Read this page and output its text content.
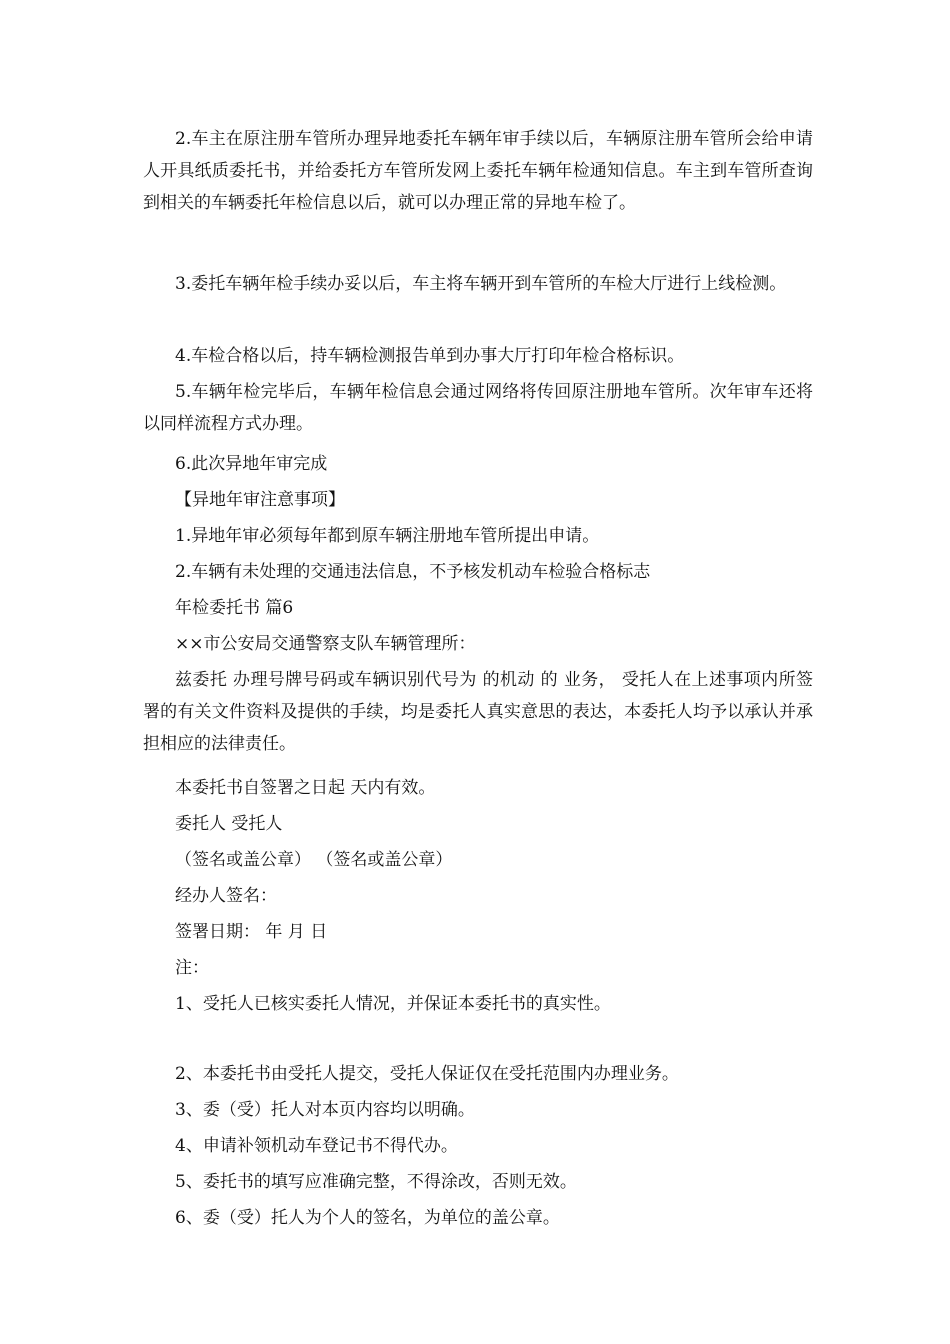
2.车主在原注册车管所办理异地委托车辆年审手续以后，车辆原注册车管所会给申请人开具纸质委托书，并给委托方车管所发网上委托车辆年检通知信息。车主到车管所查询到相关的车辆委托年检信息以后，就可以办理正常的异地车检了。

3.委托车辆年检手续办妥以后，车主将车辆开到车管所的车检大厅进行上线检测。

4.车检合格以后，持车辆检测报告单到办事大厅打印年检合格标识。

5.车辆年检完毕后，车辆年检信息会通过网络将传回原注册地车管所。次年审车还将以同样流程方式办理。

6.此次异地年审完成

【异地年审注意事项】

1.异地年审必须每年都到原车辆注册地车管所提出申请。

2.车辆有未处理的交通违法信息，不予核发机动车检验合格标志

年检委托书 篇6

××市公安局交通警察支队车辆管理所：

兹委托 办理号牌号码或车辆识别代号为 的机动 的 业务， 受托人在上述事项内所签署的有关文件资料及提供的手续，均是委托人真实意思的表达，本委托人均予以承认并承担相应的法律责任。

本委托书自签署之日起 天内有效。

委托人 受托人

（签名或盖公章） （签名或盖公章）

经办人签名：

签署日期： 年 月 日

注：

1、受托人已核实委托人情况，并保证本委托书的真实性。

2、本委托书由受托人提交，受托人保证仅在受托范围内办理业务。

3、委（受）托人对本页内容均以明确。

4、申请补领机动车登记书不得代办。

5、委托书的填写应准确完整，不得涂改，否则无效。

6、委（受）托人为个人的签名，为单位的盖公章。
